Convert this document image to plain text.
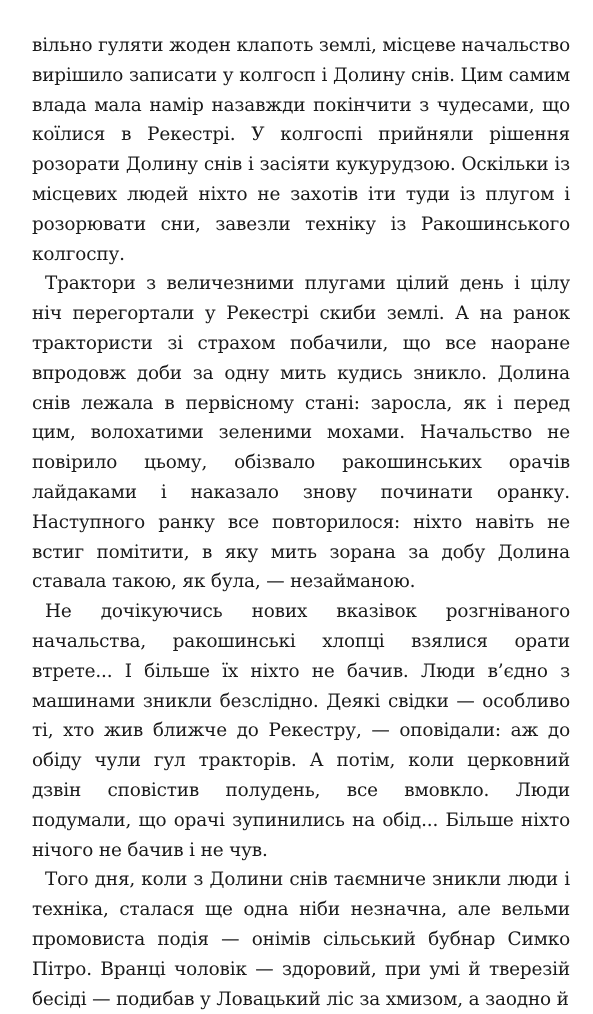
вільно гуляти жоден клапоть землі, місцеве начальство вирішило записати у колгосп і Долину снів. Цим самим влада мала намір назавжди покінчити з чудесами, що коїлися в Рекестрі. У колгоспі прийняли рішення розорати Долину снів і засіяти кукурудзою. Оскільки із місцевих людей ніхто не захотів іти туди із плугом і розорювати сни, завезли техніку із Ракошинського колгоспу.

Трактори з величезними плугами цілий день і цілу ніч перегортали у Рекестрі скиби землі. А на ранок трактористи зі страхом побачили, що все наоране впродовж доби за одну мить кудись зникло. Долина снів лежала в первісному стані: заросла, як і перед цим, волохатими зеленими мохами. Начальство не повірило цьому, обізвало ракошинських орачів лайдаками і наказало знову починати оранку. Наступного ранку все повторилося: ніхто навіть не встиг помітити, в яку мить зорана за добу Долина ставала такою, як була, — незайманою.

Не дочікуючись нових вказівок розгніваного начальства, ракошинські хлопці взялися орати втрете... І більше їх ніхто не бачив. Люди в’єдно з машинами зникли безслідно. Деякі свідки — особливо ті, хто жив ближче до Рекестру, — оповідали: аж до обіду чули гул тракторів. А потім, коли церковний дзвін сповістив полудень, все вмовкло. Люди подумали, що орачі зупинились на обід... Більше ніхто нічого не бачив і не чув.

Того дня, коли з Долини снів таємниче зникли люди і техніка, сталася ще одна ніби незначна, але вельми промовиста подія — онімів сільський бубнар Симко Пітро. Вранці чоловік — здоровий, при умі й тверезій бесіді — подибав у Ловацький ліс за хмизом, а заодно й
